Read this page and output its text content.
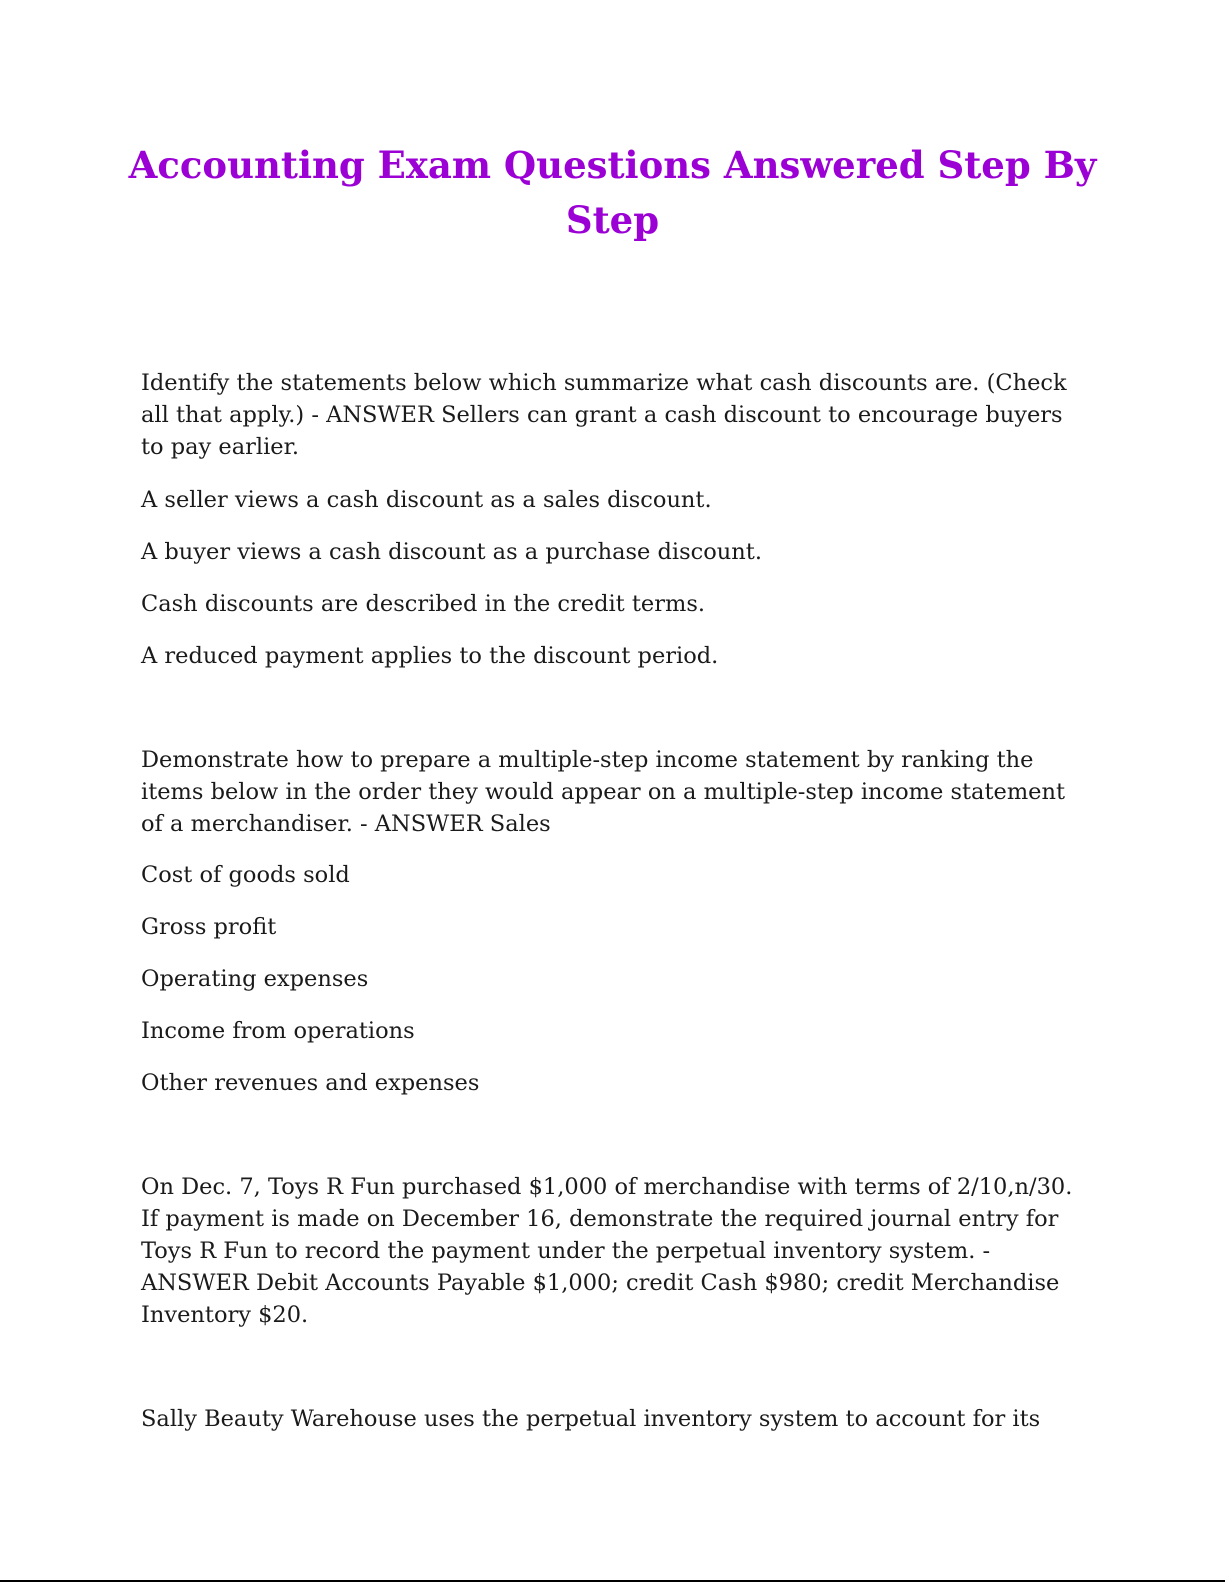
Accounting Exam Questions Answered Step By Step

Identify the statements below which summarize what cash discounts are. (Check all that apply.) - ANSWER Sellers can grant a cash discount to encourage buyers to pay earlier.

A seller views a cash discount as a sales discount.

A buyer views a cash discount as a purchase discount.

Cash discounts are described in the credit terms.

A reduced payment applies to the discount period.

Demonstrate how to prepare a multiple-step income statement by ranking the items below in the order they would appear on a multiple-step income statement of a merchandiser. - ANSWER Sales

Cost of goods sold

Gross profit

Operating expenses

Income from operations

Other revenues and expenses

On Dec. 7, Toys R Fun purchased $1,000 of merchandise with terms of 2/10,n/30. If payment is made on December 16, demonstrate the required journal entry for Toys R Fun to record the payment under the perpetual inventory system. - ANSWER Debit Accounts Payable $1,000; credit Cash $980; credit Merchandise Inventory $20.

Sally Beauty Warehouse uses the perpetual inventory system to account for its
